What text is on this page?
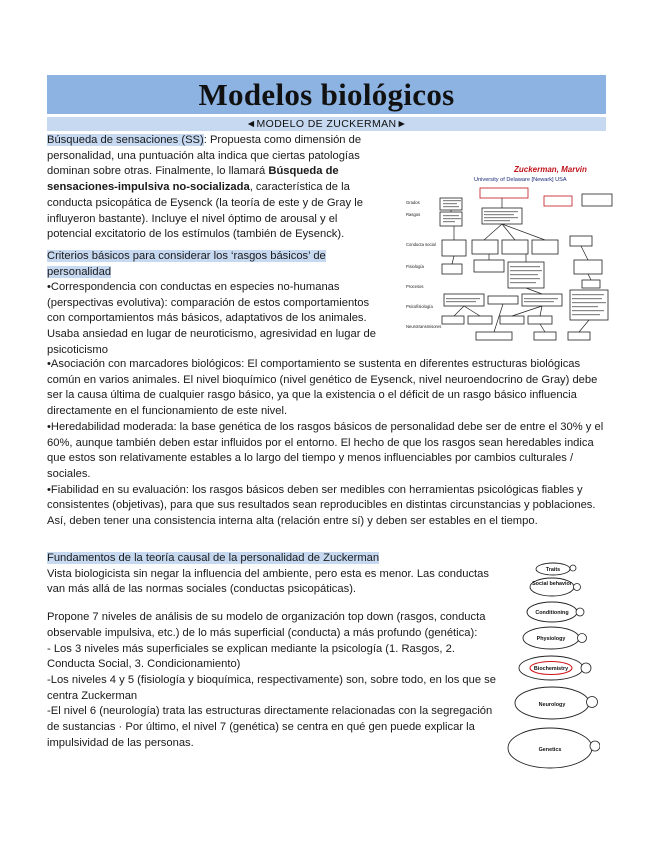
Modelos biológicos
◄MODELO DE ZUCKERMAN►
Búsqueda de sensaciones (SS): Propuesta como dimensión de personalidad, una puntuación alta indica que ciertas patologías dominan sobre otras. Finalmente, lo llamará Búsqueda de sensaciones-impulsiva no-socializada, característica de la conducta psicopática de Eysenck (la teoría de este y de Gray le influyeron bastante). Incluye el nivel óptimo de arousal y el potencial excitatorio de los estímulos (también de Eysenck).
Criterios básicos para considerar los ‘rasgos básicos’ de personalidad
•Correspondencia con conductas en especies no-humanas (perspectivas evolutiva): comparación de estos comportamientos con comportamientos más básicos, adaptativos de los animales. Usaba ansiedad en lugar de neuroticismo, agresividad en lugar de psicoticismo

•Asociación con marcadores biológicos: El comportamiento se sustenta en diferentes estructuras biológicas común en varios animales. El nivel bioquímico (nivel genético de Eysenck, nivel neuroendocrino de Gray) debe ser la causa última de cualquier rasgo básico, ya que la existencia o el déficit de un rasgo básico influencia directamente en el funcionamiento de este nivel.

•Heredabilidad moderada: la base genética de los rasgos básicos de personalidad debe ser de entre el 30% y el 60%, aunque también deben estar influidos por el entorno. El hecho de que los rasgos sean heredables indica que estos son relativamente estables a lo largo del tiempo y menos influenciables por cambios culturales / sociales.

•Fiabilidad en su evaluación: los rasgos básicos deben ser medibles con herramientas psicológicas fiables y consistentes (objetivas), para que sus resultados sean reproducibles en distintas circunstancias y poblaciones. Así, deben tener una consistencia interna alta (relación entre sí) y deben ser estables en el tiempo.

Fundamentos de la teoría causal de la personalidad de Zuckerman

Vista biologicista sin negar la influencia del ambiente, pero esta es menor. Las conductas van más allá de las normas sociales (conductas psicopáticas).

Propone 7 niveles de análisis de su modelo de organización top down (rasgos, conducta observable impulsiva, etc.) de lo más superficial (conducta) a más profundo (genética):

- Los 3 niveles más superficiales se explican mediante la psicología (1. Rasgos, 2. Conducta Social, 3. Condicionamiento)

-Los niveles 4 y 5 (fisiología y bioquímica, respectivamente) son, sobre todo, en los que se centra Zuckerman

-El nivel 6 (neurología) trata las estructuras directamente relacionadas con la segregación de sustancias · Por último, el nivel 7 (genética) se centra en qué gen puede explicar la impulsividad de las personas.

Zuckerman, Marvin
University of Delaware [Newark] USA
Grados
Rasgos
Conducta social
Fisiología
Procesos
Psicofisiología
Neurotransmisores
Traits
Social behavior
Conditioning
Physiology
Biochemistry
Neurology
Genetics
